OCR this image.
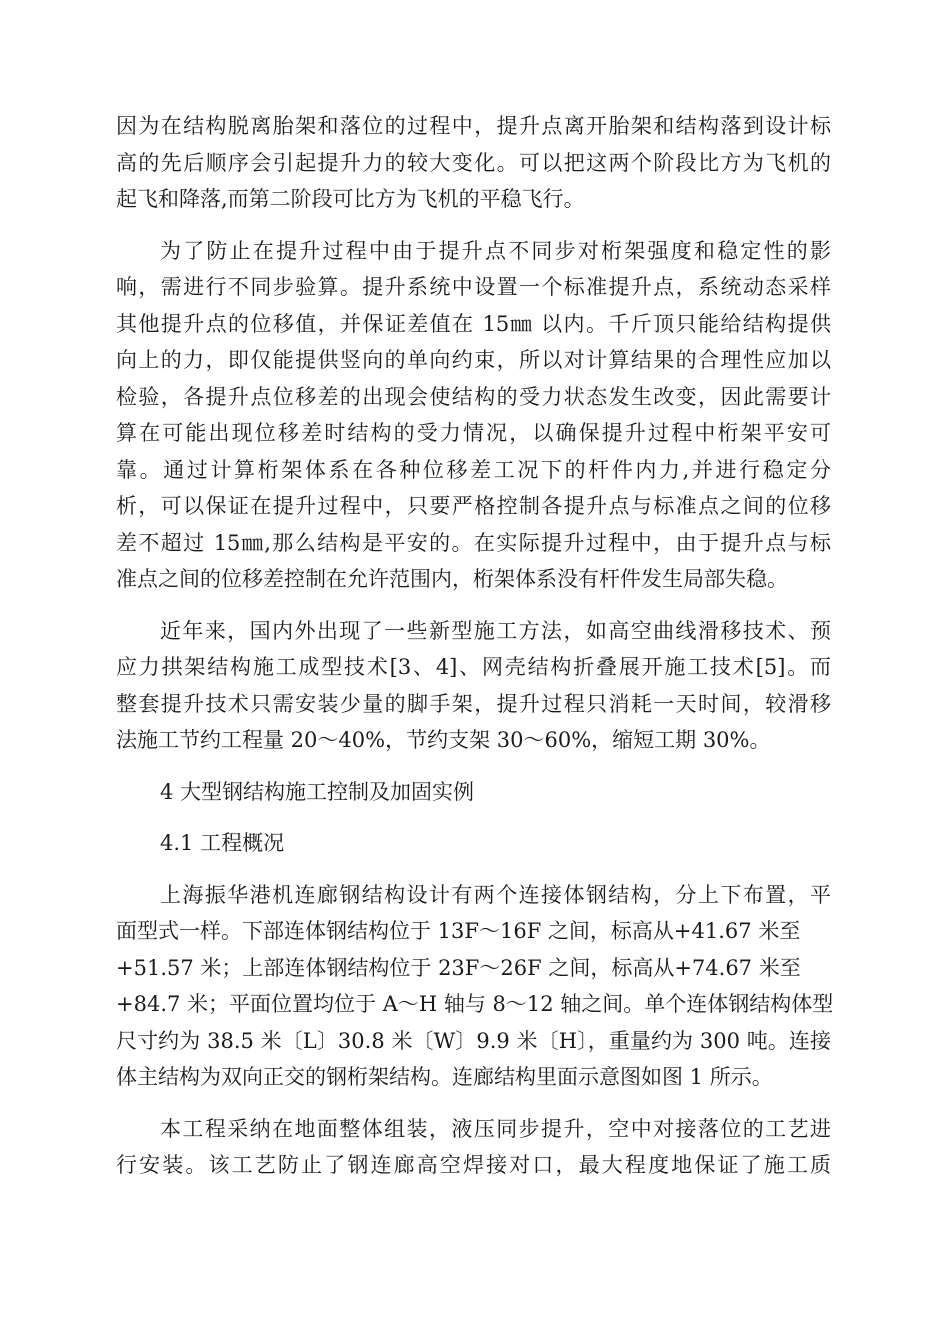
因为在结构脱离胎架和落位的过程中，提升点离开胎架和结构落到设计标
高的先后顺序会引起提升力的较大变化。可以把这两个阶段比方为飞机的
起飞和降落,而第二阶段可比方为飞机的平稳飞行。
为了防止在提升过程中由于提升点不同步对桁架强度和稳定性的影
响，需进行不同步验算。提升系统中设置一个标准提升点，系统动态采样
其他提升点的位移值，并保证差值在 15㎜ 以内。千斤顶只能给结构提供
向上的力，即仅能提供竖向的单向约束，所以对计算结果的合理性应加以
检验，各提升点位移差的出现会使结构的受力状态发生改变，因此需要计
算在可能出现位移差时结构的受力情况，以确保提升过程中桁架平安可
靠。通过计算桁架体系在各种位移差工况下的杆件内力,并进行稳定分
析，可以保证在提升过程中，只要严格控制各提升点与标准点之间的位移
差不超过 15㎜,那么结构是平安的。在实际提升过程中，由于提升点与标
准点之间的位移差控制在允许范围内，桁架体系没有杆件发生局部失稳。
近年来，国内外出现了一些新型施工方法，如高空曲线滑移技术、预
应力拱架结构施工成型技术[3、4]、网壳结构折叠展开施工技术[5]。而
整套提升技术只需安装少量的脚手架，提升过程只消耗一天时间，较滑移
法施工节约工程量 20～40%，节约支架 30～60%，缩短工期 30%。
4 大型钢结构施工控制及加固实例
4.1 工程概况
上海振华港机连廊钢结构设计有两个连接体钢结构，分上下布置，平
面型式一样。下部连体钢结构位于 13F～16F 之间，标高从+41.67 米至
+51.57 米；上部连体钢结构位于 23F～26F 之间，标高从+74.67 米至
+84.7 米；平面位置均位于 A～H 轴与 8～12 轴之间。单个连体钢结构体型
尺寸约为 38.5 米〔L〕30.8 米〔W〕9.9 米〔H〕，重量约为 300 吨。连接
体主结构为双向正交的钢桁架结构。连廊结构里面示意图如图 1 所示。
本工程采纳在地面整体组装，液压同步提升，空中对接落位的工艺进
行安装。该工艺防止了钢连廊高空焊接对口，最大程度地保证了施工质
